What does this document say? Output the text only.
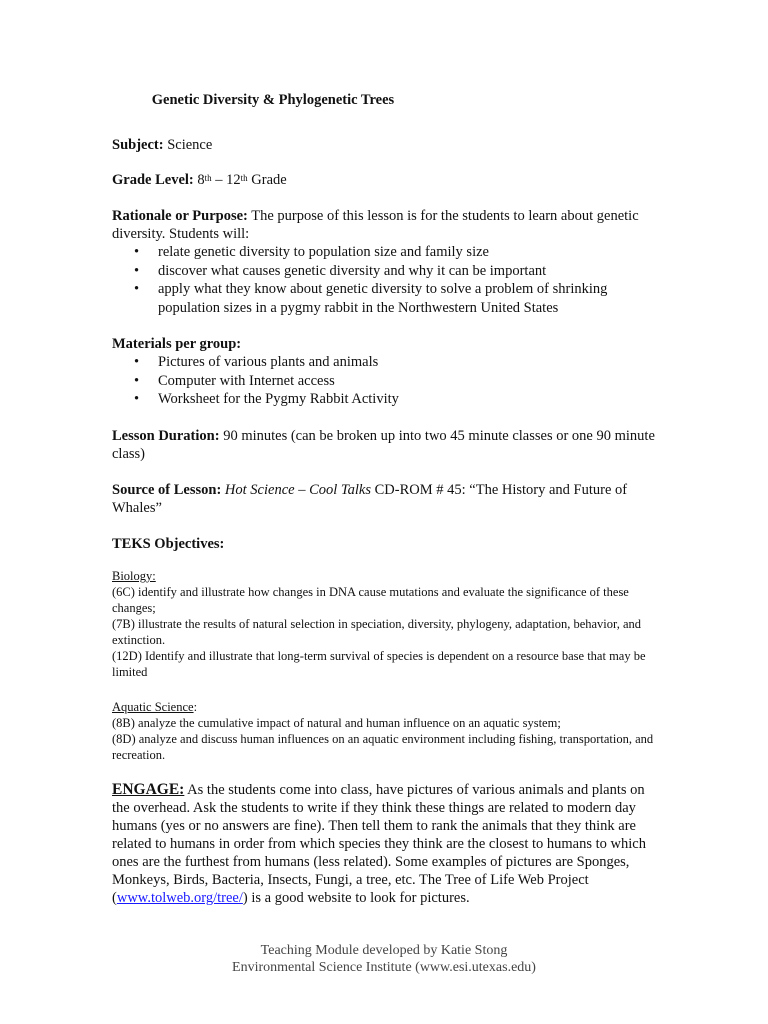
Genetic Diversity & Phylogenetic Trees
Subject: Science
Grade Level: 8th – 12th Grade
Rationale or Purpose: The purpose of this lesson is for the students to learn about genetic diversity. Students will:
• relate genetic diversity to population size and family size
• discover what causes genetic diversity and why it can be important
• apply what they know about genetic diversity to solve a problem of shrinking population sizes in a pygmy rabbit in the Northwestern United States
Materials per group:
• Pictures of various plants and animals
• Computer with Internet access
• Worksheet for the Pygmy Rabbit Activity
Lesson Duration: 90 minutes (can be broken up into two 45 minute classes or one 90 minute class)
Source of Lesson: Hot Science – Cool Talks CD-ROM # 45: “The History and Future of Whales”
TEKS Objectives:
Biology:
(6C) identify and illustrate how changes in DNA cause mutations and evaluate the significance of these changes;
(7B) illustrate the results of natural selection in speciation, diversity, phylogeny, adaptation, behavior, and extinction.
(12D) Identify and illustrate that long-term survival of species is dependent on a resource base that may be limited
Aquatic Science:
(8B) analyze the cumulative impact of natural and human influence on an aquatic system;
(8D) analyze and discuss human influences on an aquatic environment including fishing, transportation, and recreation.
ENGAGE: As the students come into class, have pictures of various animals and plants on the overhead. Ask the students to write if they think these things are related to modern day humans (yes or no answers are fine). Then tell them to rank the animals that they think are related to humans in order from which species they think are the closest to humans to which ones are the furthest from humans (less related). Some examples of pictures are Sponges, Monkeys, Birds, Bacteria, Insects, Fungi, a tree, etc. The Tree of Life Web Project (www.tolweb.org/tree/) is a good website to look for pictures.
Teaching Module developed by Katie Stong
Environmental Science Institute (www.esi.utexas.edu)
